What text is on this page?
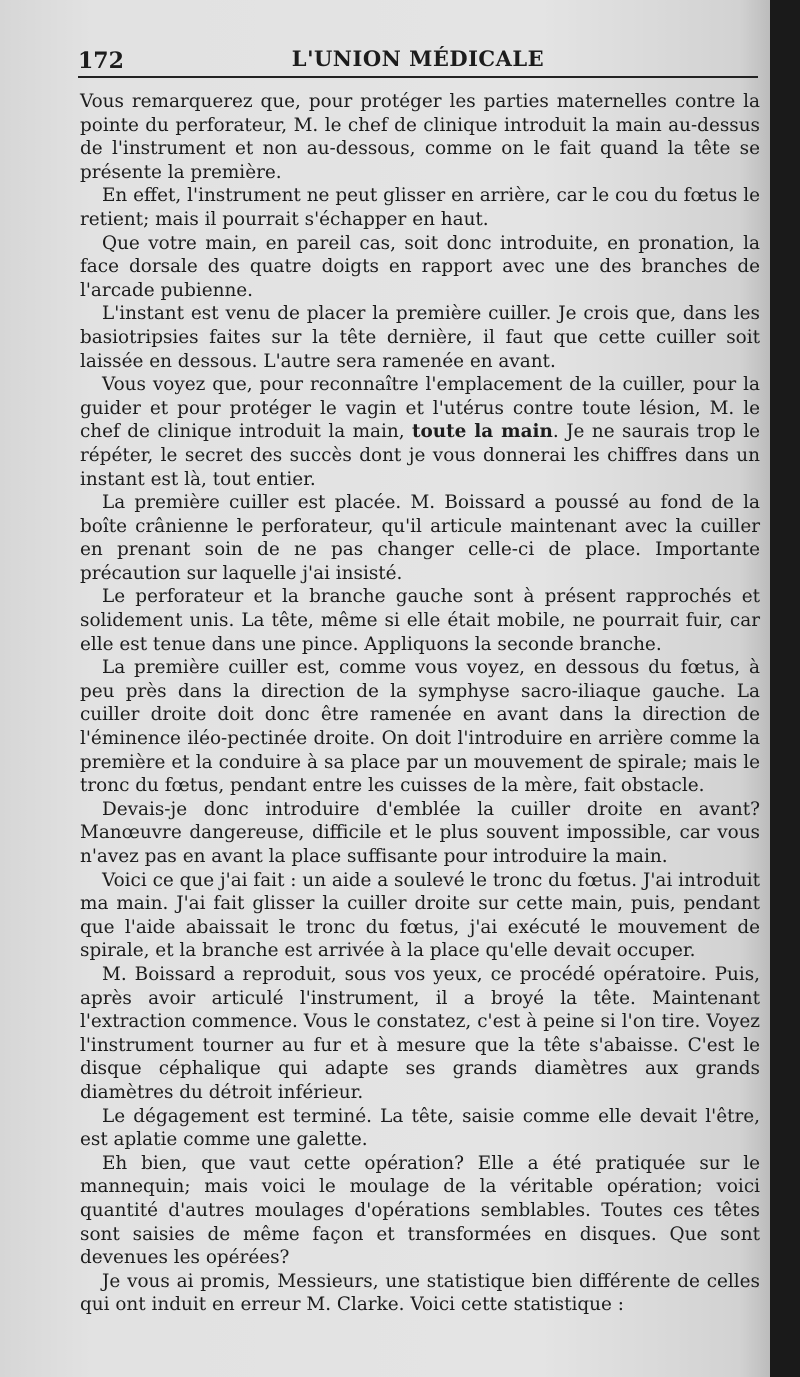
172	L'UNION MÉDICALE

Vous remarquerez que, pour protéger les parties maternelles contre la pointe du perforateur, M. le chef de clinique introduit la main au-dessus de l'instrument et non au-dessous, comme on le fait quand la tête se présente la première.

En effet, l'instrument ne peut glisser en arrière, car le cou du fœtus le retient; mais il pourrait s'échapper en haut.

Que votre main, en pareil cas, soit donc introduite, en pronation, la face dorsale des quatre doigts en rapport avec une des branches de l'arcade pubienne.

L'instant est venu de placer la première cuiller. Je crois que, dans les basiotripsies faites sur la tête dernière, il faut que cette cuiller soit laissée en dessous. L'autre sera ramenée en avant.

Vous voyez que, pour reconnaître l'emplacement de la cuiller, pour la guider et pour protéger le vagin et l'utérus contre toute lésion, M. le chef de clinique introduit la main, toute la main. Je ne saurais trop le répéter, le secret des succès dont je vous donnerai les chiffres dans un instant est là, tout entier.

La première cuiller est placée. M. Boissard a poussé au fond de la boîte crânienne le perforateur, qu'il articule maintenant avec la cuiller en prenant soin de ne pas changer celle-ci de place. Importante précaution sur laquelle j'ai insisté.

Le perforateur et la branche gauche sont à présent rapprochés et solidement unis. La tête, même si elle était mobile, ne pourrait fuir, car elle est tenue dans une pince. Appliquons la seconde branche.

La première cuiller est, comme vous voyez, en dessous du fœtus, à peu près dans la direction de la symphyse sacro-iliaque gauche. La cuiller droite doit donc être ramenée en avant dans la direction de l'éminence iléo-pectinée droite. On doit l'introduire en arrière comme la première et la conduire à sa place par un mouvement de spirale; mais le tronc du fœtus, pendant entre les cuisses de la mère, fait obstacle.

Devais-je donc introduire d'emblée la cuiller droite en avant? Manœuvre dangereuse, difficile et le plus souvent impossible, car vous n'avez pas en avant la place suffisante pour introduire la main.

Voici ce que j'ai fait : un aide a soulevé le tronc du fœtus. J'ai introduit ma main. J'ai fait glisser la cuiller droite sur cette main, puis, pendant que l'aide abaissait le tronc du fœtus, j'ai exécuté le mouvement de spirale, et la branche est arrivée à la place qu'elle devait occuper.

M. Boissard a reproduit, sous vos yeux, ce procédé opératoire. Puis, après avoir articulé l'instrument, il a broyé la tête. Maintenant l'extraction commence. Vous le constatez, c'est à peine si l'on tire. Voyez l'instrument tourner au fur et à mesure que la tête s'abaisse. C'est le disque céphalique qui adapte ses grands diamètres aux grands diamètres du détroit inférieur.

Le dégagement est terminé. La tête, saisie comme elle devait l'être, est aplatie comme une galette.

Eh bien, que vaut cette opération? Elle a été pratiquée sur le mannequin; mais voici le moulage de la véritable opération; voici quantité d'autres moulages d'opérations semblables. Toutes ces têtes sont saisies de même façon et transformées en disques. Que sont devenues les opérées?

Je vous ai promis, Messieurs, une statistique bien différente de celles qui ont induit en erreur M. Clarke. Voici cette statistique :
